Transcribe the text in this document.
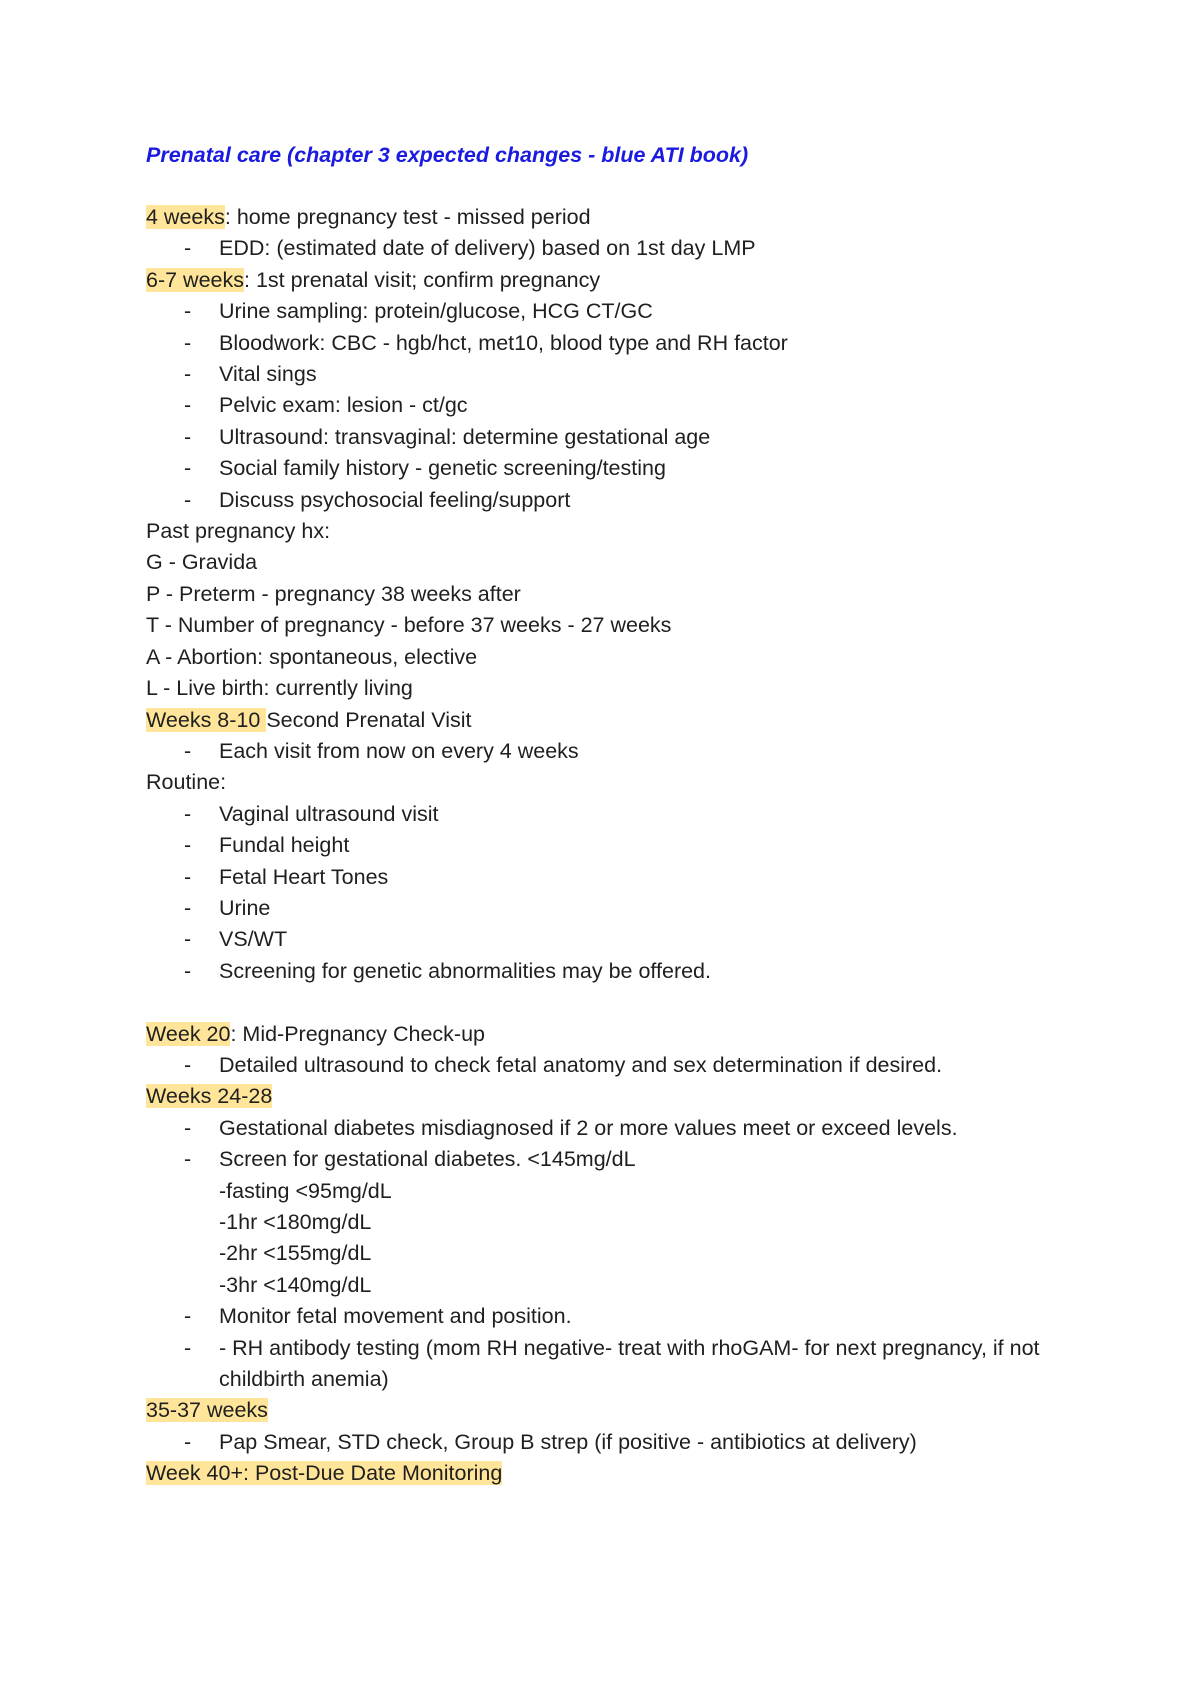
Prenatal care (chapter 3 expected changes - blue ATI book)
4 weeks: home pregnancy test - missed period
- EDD: (estimated date of delivery) based on 1st day LMP
6-7 weeks: 1st prenatal visit; confirm pregnancy
- Urine sampling: protein/glucose, HCG CT/GC
- Bloodwork: CBC - hgb/hct, met10, blood type and RH factor
- Vital sings
- Pelvic exam: lesion - ct/gc
- Ultrasound: transvaginal: determine gestational age
- Social family history - genetic screening/testing
- Discuss psychosocial feeling/support
Past pregnancy hx:
G - Gravida
P - Preterm - pregnancy 38 weeks after
T - Number of pregnancy - before 37 weeks - 27 weeks
A - Abortion: spontaneous, elective
L - Live birth: currently living
Weeks 8-10 Second Prenatal Visit
- Each visit from now on every 4 weeks
Routine:
- Vaginal ultrasound visit
- Fundal height
- Fetal Heart Tones
- Urine
- VS/WT
- Screening for genetic abnormalities may be offered.
Week 20: Mid-Pregnancy Check-up
- Detailed ultrasound to check fetal anatomy and sex determination if desired.
Weeks 24-28
- Gestational diabetes misdiagnosed if 2 or more values meet or exceed levels.
- Screen for gestational diabetes. <145mg/dL
-fasting <95mg/dL
-1hr <180mg/dL
-2hr <155mg/dL
-3hr <140mg/dL
- Monitor fetal movement and position.
- - RH antibody testing (mom RH negative- treat with rhoGAM- for next pregnancy, if not childbirth anemia)
35-37 weeks
- Pap Smear, STD check, Group B strep (if positive - antibiotics at delivery)
Week 40+: Post-Due Date Monitoring
